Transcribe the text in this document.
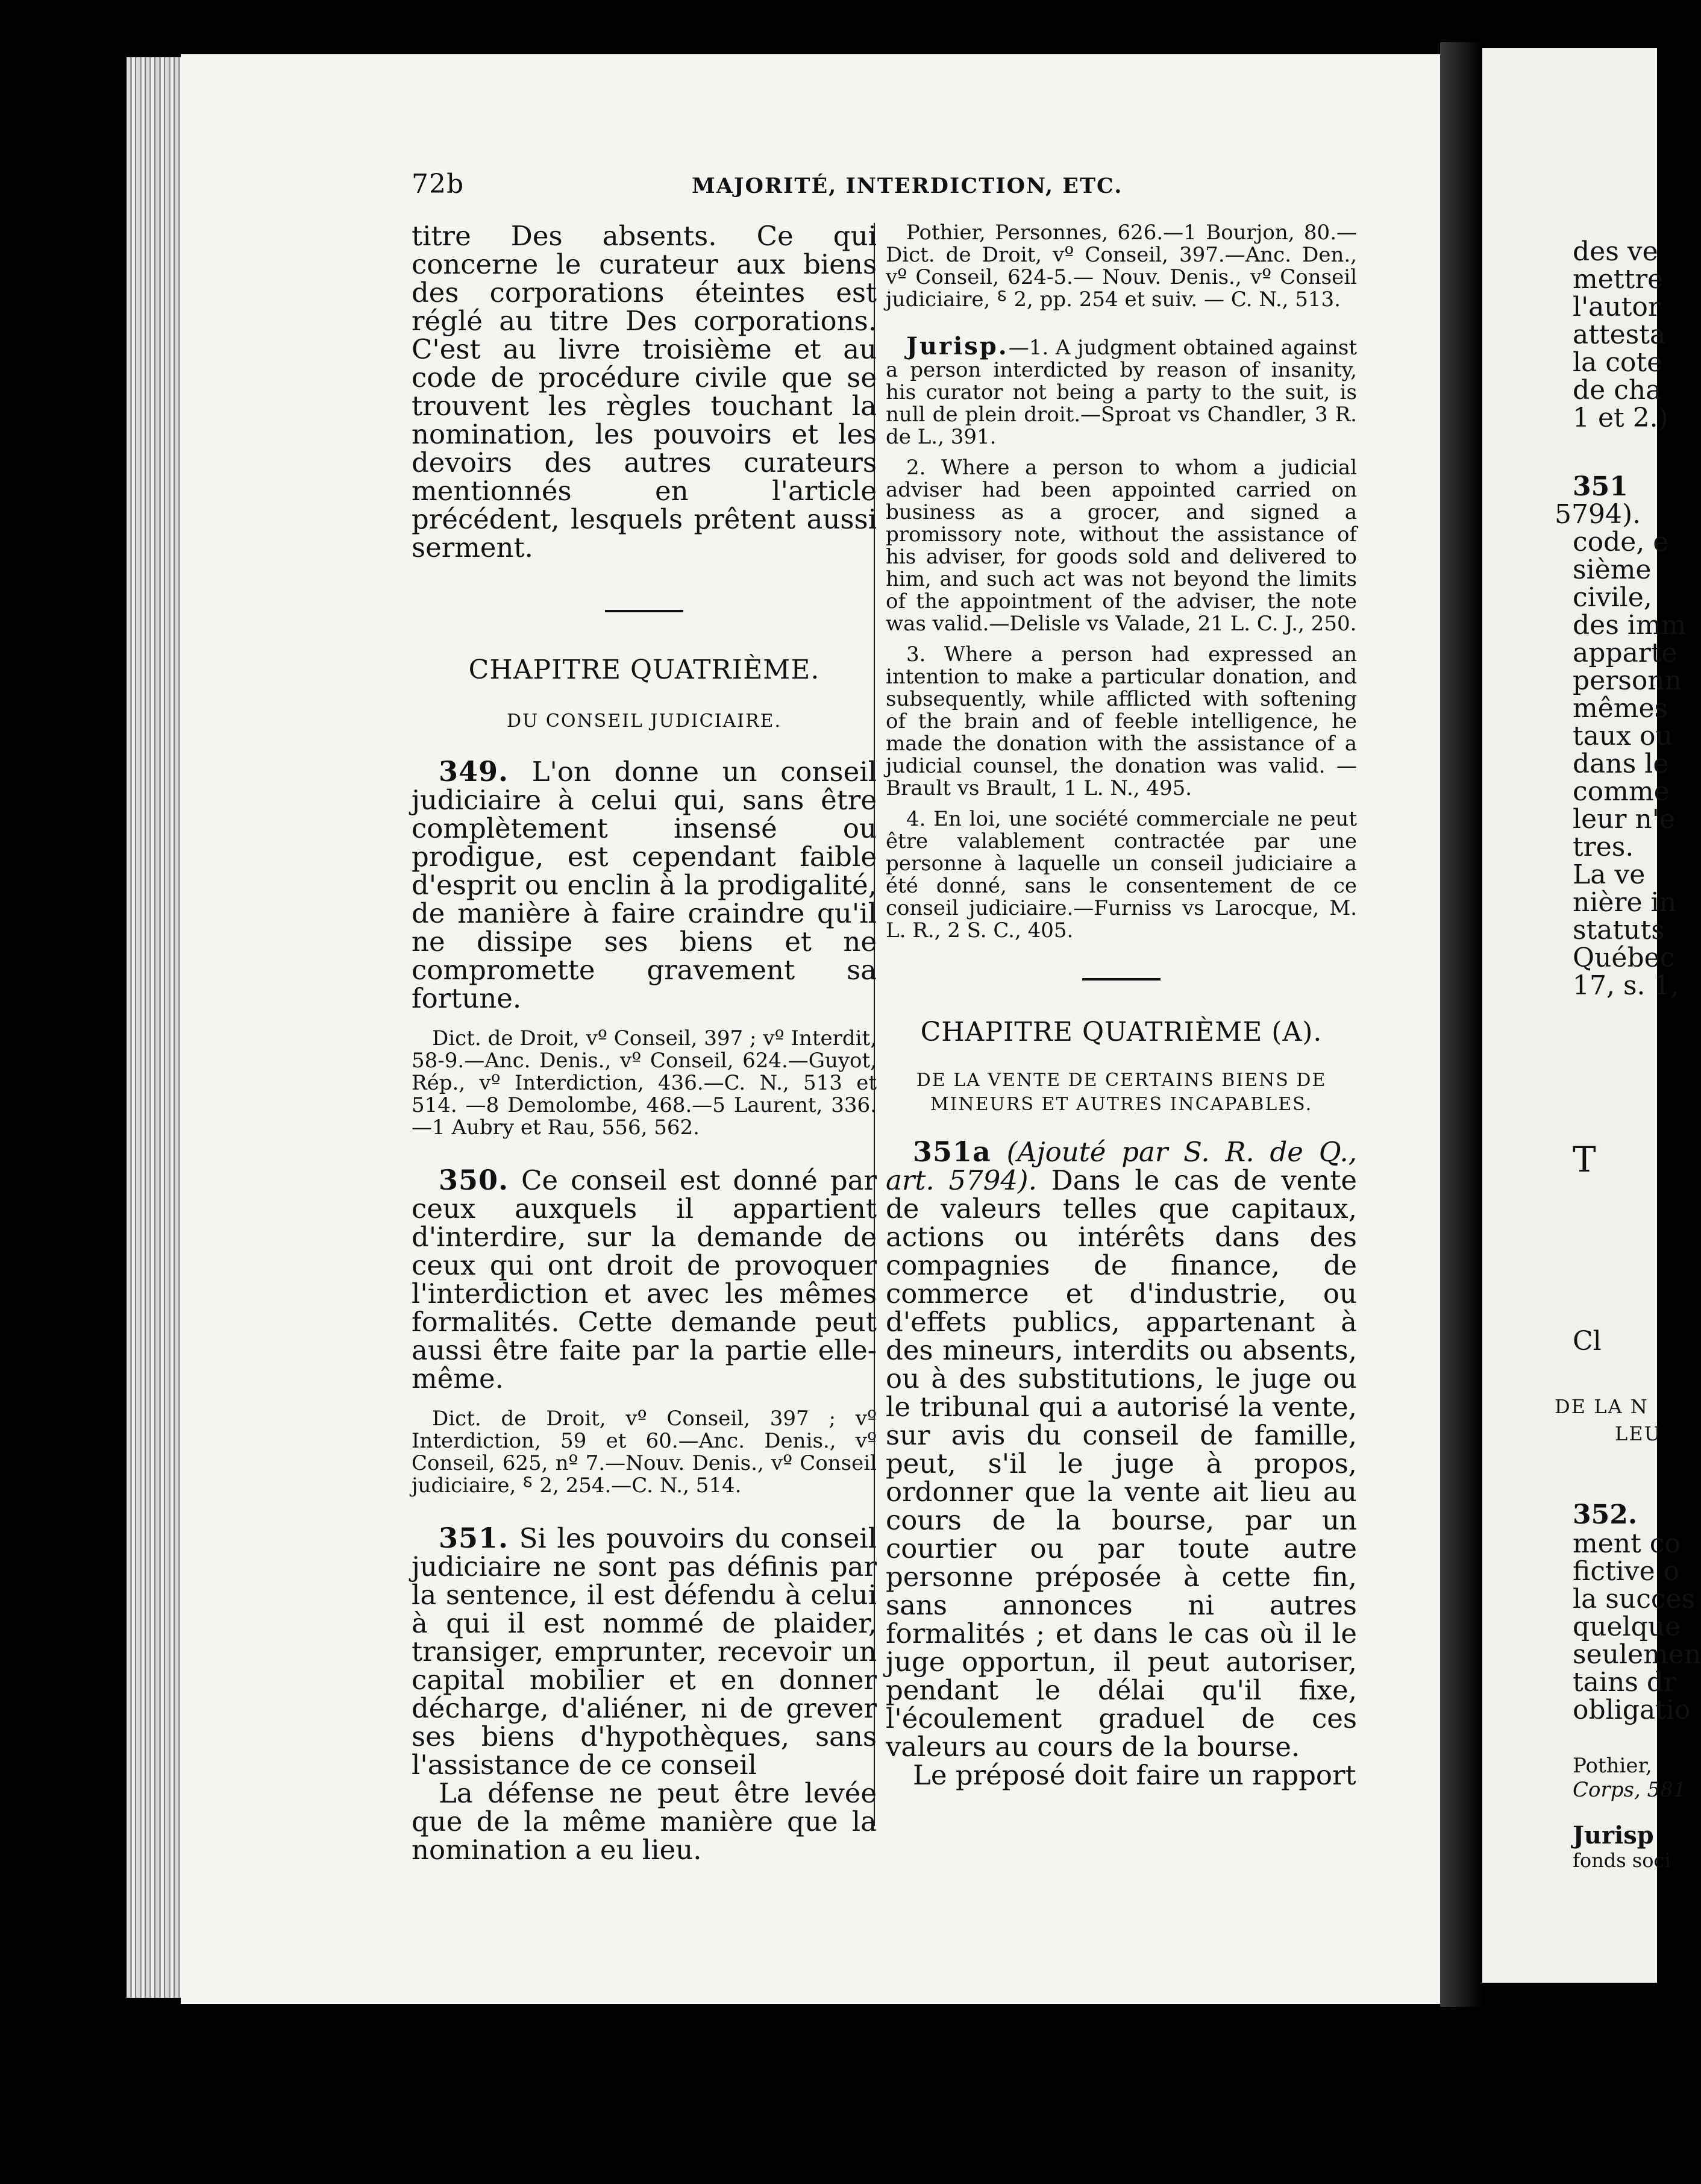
72b	MAJORITÉ, INTERDICTION, ETC.

titre Des absents. Ce qui concerne le curateur aux biens des corporations éteintes est réglé au titre Des corporations. C'est au livre troisième et au code de procédure civile que se trouvent les règles touchant la nomination, les pouvoirs et les devoirs des autres curateurs mentionnés en l'article précédent, lesquels prêtent aussi serment.

CHAPITRE QUATRIÈME.

DU CONSEIL JUDICIAIRE.

349. L'on donne un conseil judiciaire à celui qui, sans être complètement insensé ou prodigue, est cependant faible d'esprit ou enclin à la prodigalité, de manière à faire craindre qu'il ne dissipe ses biens et ne compromette gravement sa fortune.

Dict. de Droit, vº Conseil, 397 ; vº Interdit, 58-9.—Anc. Denis., vº Conseil, 624.—Guyot, Rép., vº Interdiction, 436.—C. N., 513 et 514. —8 Demolombe, 468.—5 Laurent, 336.—1 Aubry et Rau, 556, 562.

350. Ce conseil est donné par ceux auxquels il appartient d'interdire, sur la demande de ceux qui ont droit de provoquer l'interdiction et avec les mêmes formalités. Cette demande peut aussi être faite par la partie elle-même.

Dict. de Droit, vº Conseil, 397 ; vº Interdiction, 59 et 60.—Anc. Denis., vº Conseil, 625, nº 7.—Nouv. Denis., vº Conseil judiciaire, ⸹ 2, 254.—C. N., 514.

351. Si les pouvoirs du conseil judiciaire ne sont pas définis par la sentence, il est défendu à celui à qui il est nommé de plaider, transiger, emprunter, recevoir un capital mobilier et en donner décharge, d'aliéner, ni de grever ses biens d'hypothèques, sans l'assistance de ce conseil

La défense ne peut être levée que de la même manière que la nomination a eu lieu.

Pothier, Personnes, 626.—1 Bourjon, 80.—Dict. de Droit, vº Conseil, 397.—Anc. Den., vº Conseil, 624-5.— Nouv. Denis., vº Conseil judiciaire, ⸹ 2, pp. 254 et suiv. — C. N., 513.

Jurisp.—1. A judgment obtained against a person interdicted by reason of insanity, his curator not being a party to the suit, is null de plein droit.—Sproat vs Chandler, 3 R. de L., 391.

2. Where a person to whom a judicial adviser had been appointed carried on business as a grocer, and signed a promissory note, without the assistance of his adviser, for goods sold and delivered to him, and such act was not beyond the limits of the appointment of the adviser, the note was valid.—Delisle vs Valade, 21 L. C. J., 250.

3. Where a person had expressed an intention to make a particular donation, and subsequently, while afflicted with softening of the brain and of feeble intelligence, he made the donation with the assistance of a judicial counsel, the donation was valid. —Brault vs Brault, 1 L. N., 495.

4. En loi, une société commerciale ne peut être valablement contractée par une personne à laquelle un conseil judiciaire a été donné, sans le consentement de ce conseil judiciaire.—Furniss vs Larocque, M. L. R., 2 S. C., 405.

CHAPITRE QUATRIÈME (A).

DE LA VENTE DE CERTAINS BIENS DE MINEURS ET AUTRES INCAPABLES.

351a (Ajouté par S. R. de Q., art. 5794). Dans le cas de vente de valeurs telles que capitaux, actions ou intérêts dans des compagnies de finance, de commerce et d'industrie, ou d'effets publics, appartenant à des mineurs, interdits ou absents, ou à des substitutions, le juge ou le tribunal qui a autorisé la vente, sur avis du conseil de famille, peut, s'il le juge à propos, ordonner que la vente ait lieu au cours de la bourse, par un courtier ou par toute autre personne préposée à cette fin, sans annonces ni autres formalités ; et dans le cas où il le juge opportun, il peut autoriser, pendant le délai qu'il fixe, l'écoulement graduel de ces valeurs au cours de la bourse.

Le préposé doit faire un rapport

des ve
mettre
l'autor
attesta
la cote
de cha
1 et 2.)
351
5794).
code, e
sième
civile,
des imm
apparte
personn
mêmes
taux ou
dans le
comme
leur n'e
tres.
La ve
nière in
statuts
Québec
17, s. 1,
T
Cl
DE LA N
LEU
352.
ment co
fictive o
la succes
quelque
seulemen
tains dr
obligatio
Pothier,
Corps, 581
Jurisp
fonds soci
